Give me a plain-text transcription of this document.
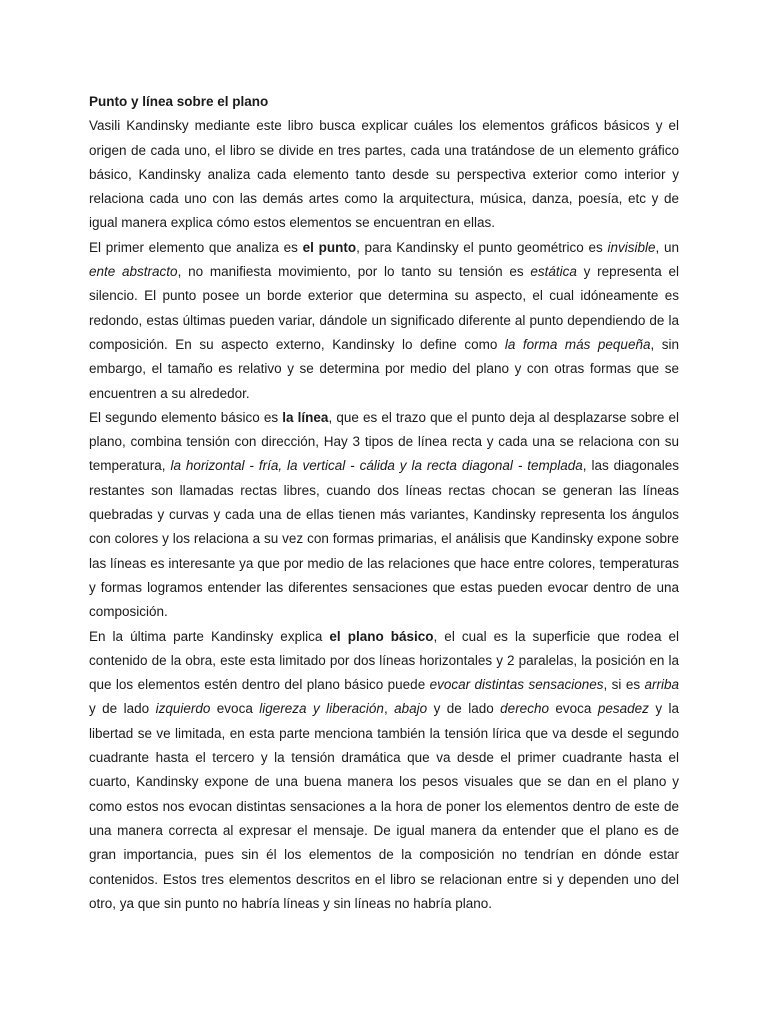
Punto y línea sobre el plano

Vasili Kandinsky mediante este libro busca explicar cuáles los elementos gráficos básicos y el origen de cada uno, el libro se divide en tres partes, cada una tratándose de un elemento gráfico básico, Kandinsky analiza cada elemento tanto desde su perspectiva exterior como interior y relaciona cada uno con las demás artes como la arquitectura, música, danza, poesía, etc y de igual manera explica cómo estos elementos se encuentran en ellas.

El primer elemento que analiza es el punto, para Kandinsky el punto geométrico es invisible, un ente abstracto, no manifiesta movimiento, por lo tanto su tensión es estática y representa el silencio. El punto posee un borde exterior que determina su aspecto, el cual idóneamente es redondo, estas últimas pueden variar, dándole un significado diferente al punto dependiendo de la composición. En su aspecto externo, Kandinsky lo define como la forma más pequeña, sin embargo, el tamaño es relativo y se determina por medio del plano y con otras formas que se encuentren a su alrededor.

El segundo elemento básico es la línea, que es el trazo que el punto deja al desplazarse sobre el plano, combina tensión con dirección, Hay 3 tipos de línea recta y cada una se relaciona con su temperatura, la horizontal - fría, la vertical - cálida y la recta diagonal - templada, las diagonales restantes son llamadas rectas libres, cuando dos líneas rectas chocan se generan las líneas quebradas y curvas y cada una de ellas tienen más variantes, Kandinsky representa los ángulos con colores y los relaciona a su vez con formas primarias, el análisis que Kandinsky expone sobre las líneas es interesante ya que por medio de las relaciones que hace entre colores, temperaturas y formas logramos entender las diferentes sensaciones que estas pueden evocar dentro de una composición.

En la última parte Kandinsky explica el plano básico, el cual es la superficie que rodea el contenido de la obra, este esta limitado por dos líneas horizontales y 2 paralelas, la posición en la que los elementos estén dentro del plano básico puede evocar distintas sensaciones, si es arriba y de lado izquierdo evoca ligereza y liberación, abajo y de lado derecho evoca pesadez y la libertad se ve limitada, en esta parte menciona también la tensión lírica que va desde el segundo cuadrante hasta el tercero y la tensión dramática que va desde el primer cuadrante hasta el cuarto, Kandinsky expone de una buena manera los pesos visuales que se dan en el plano y como estos nos evocan distintas sensaciones a la hora de poner los elementos dentro de este de una manera correcta al expresar el mensaje. De igual manera da entender que el plano es de gran importancia, pues sin él los elementos de la composición no tendrían en dónde estar contenidos. Estos tres elementos descritos en el libro se relacionan entre si y dependen uno del otro, ya que sin punto no habría líneas y sin líneas no habría plano.
